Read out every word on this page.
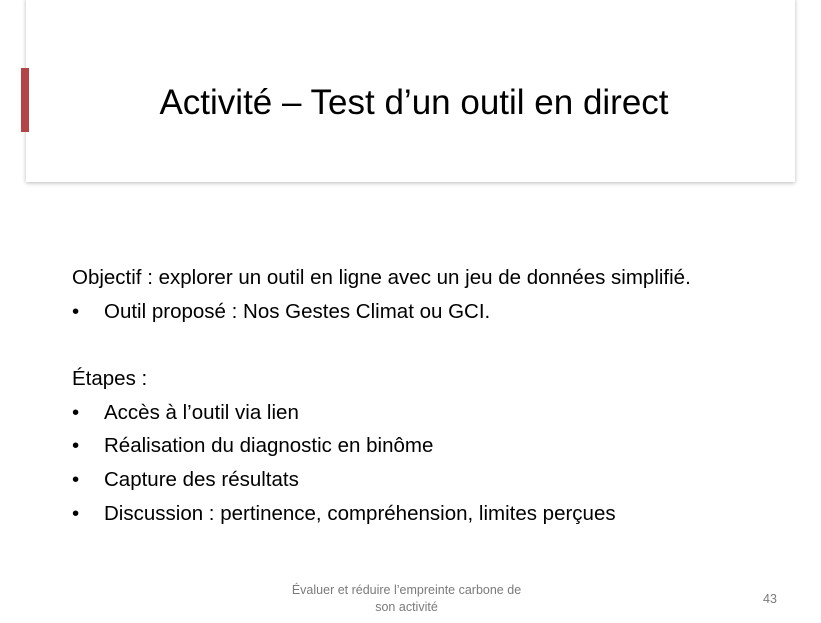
Activité – Test d’un outil en direct
Objectif : explorer un outil en ligne avec un jeu de données simplifié.
• Outil proposé : Nos Gestes Climat ou GCI.
Étapes :
• Accès à l’outil via lien
• Réalisation du diagnostic en binôme
• Capture des résultats
• Discussion : pertinence, compréhension, limites perçues
Évaluer et réduire l’empreinte carbone de
son activité
43
